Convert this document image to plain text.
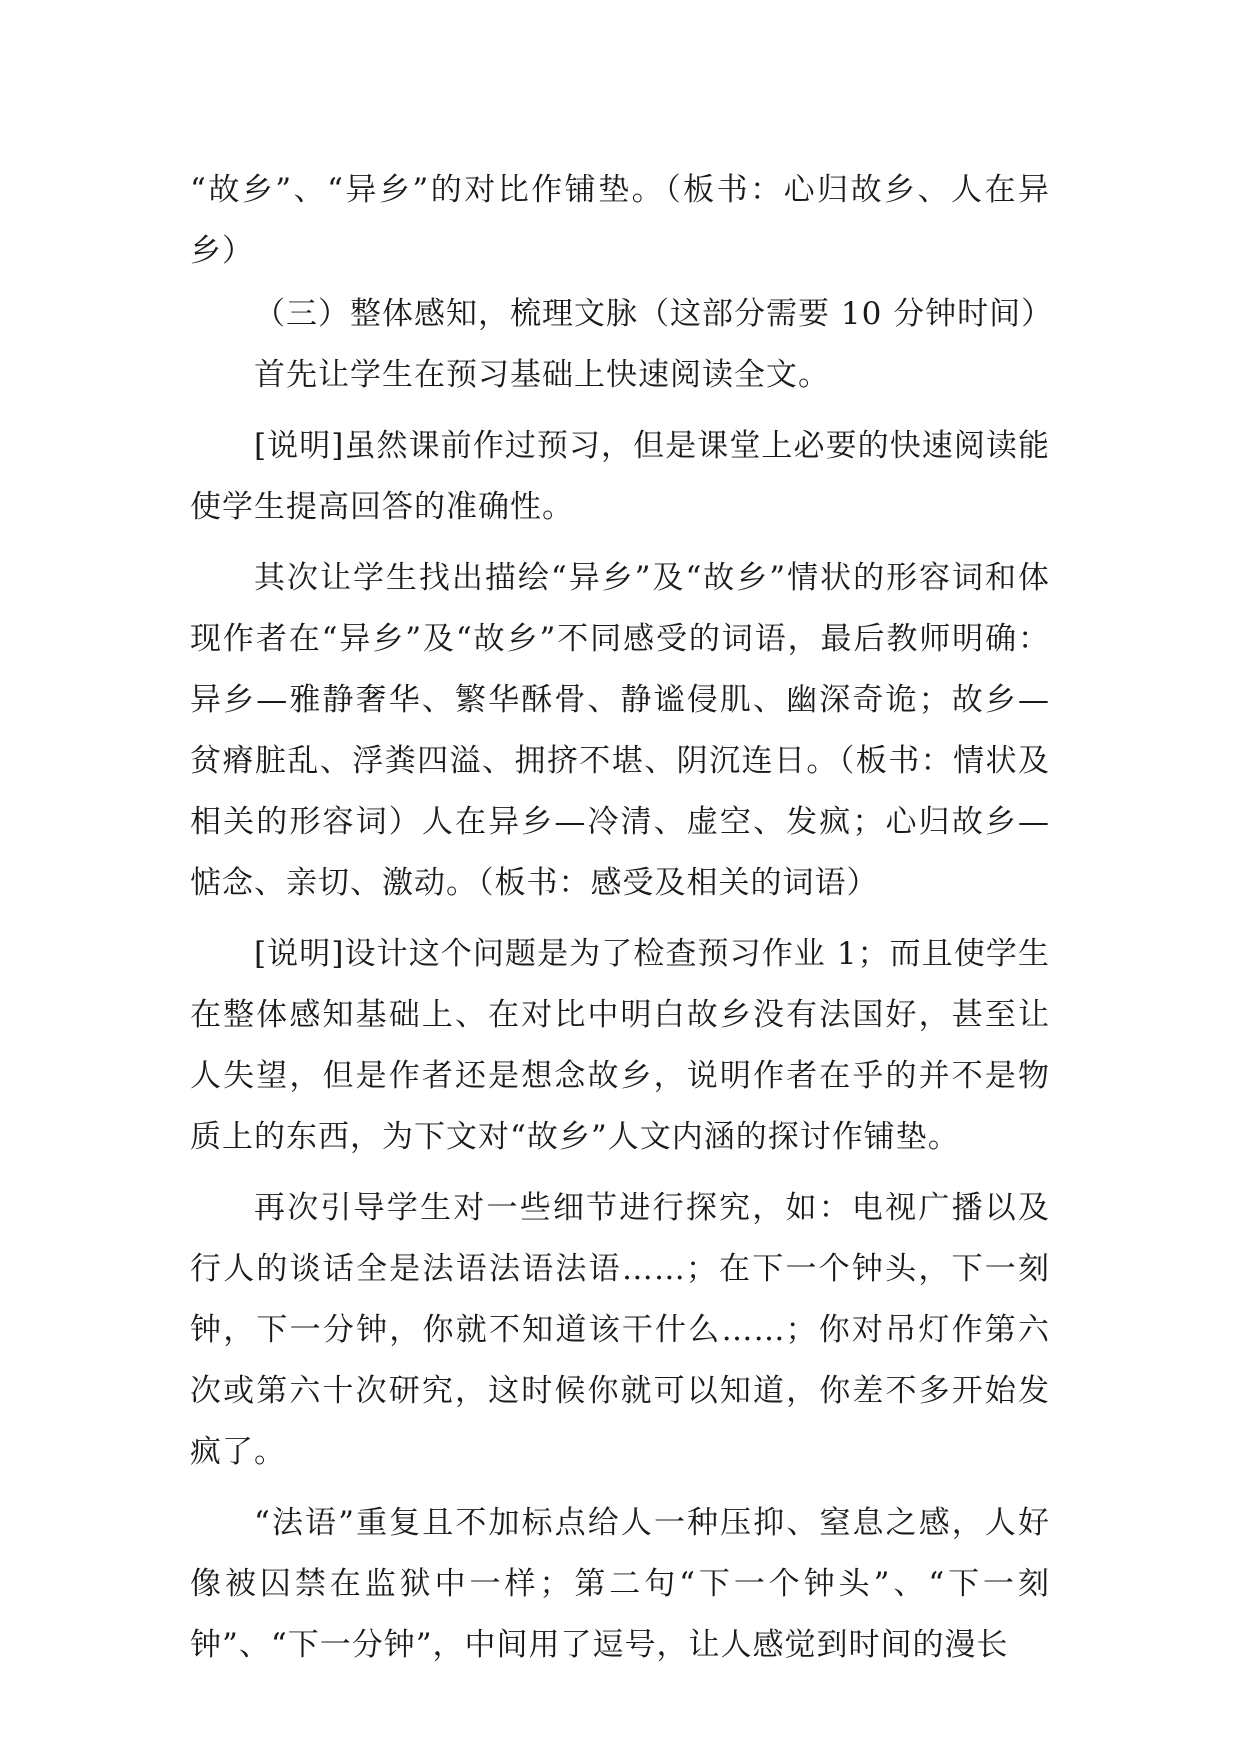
“故乡”、“异乡”的对比作铺垫。（板书：心归故乡、人在异乡）

（三）整体感知，梳理文脉（这部分需要 10 分钟时间）

首先让学生在预习基础上快速阅读全文。

[说明]虽然课前作过预习，但是课堂上必要的快速阅读能使学生提高回答的准确性。

其次让学生找出描绘“异乡”及“故乡”情状的形容词和体现作者在“异乡”及“故乡”不同感受的词语，最后教师明确：异乡—雅静奢华、繁华酥骨、静谧侵肌、幽深奇诡；故乡—贫瘠脏乱、浮粪四溢、拥挤不堪、阴沉连日。（板书：情状及相关的形容词）人在异乡—冷清、虚空、发疯；心归故乡—惦念、亲切、激动。（板书：感受及相关的词语）

[说明]设计这个问题是为了检查预习作业 1；而且使学生在整体感知基础上、在对比中明白故乡没有法国好，甚至让人失望，但是作者还是想念故乡，说明作者在乎的并不是物质上的东西，为下文对“故乡”人文内涵的探讨作铺垫。

再次引导学生对一些细节进行探究，如：电视广播以及行人的谈话全是法语法语法语……；在下一个钟头，下一刻钟，下一分钟，你就不知道该干什么……；你对吊灯作第六次或第六十次研究，这时候你就可以知道，你差不多开始发疯了。

“法语”重复且不加标点给人一种压抑、窒息之感，人好像被囚禁在监狱中一样；第二句“下一个钟头”、“下一刻钟”、“下一分钟”，中间用了逗号，让人感觉到时间的漫长
